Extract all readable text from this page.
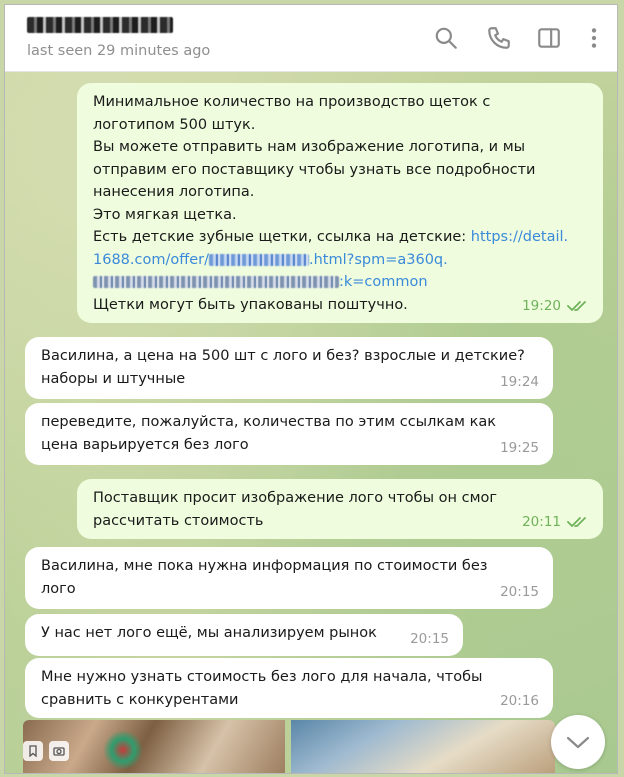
last seen 29 minutes ago
Минимальное количество на производство щеток с
логотипом 500 штук.
Вы можете отправить нам изображение логотипа, и мы
отправим его поставщику чтобы узнать все подробности
нанесения логотипа.
Это мягкая щетка.
Есть детские зубные щетки, ссылка на детские: https://detail.
1688.com/offer/	.html?spm=a360q.
:k=common
Щетки могут быть упакованы поштучно.	19:20
Василина, а цена на 500 шт с лого и без? взрослые и детские?
наборы и штучные	19:24
переведите, пожалуйста, количества по этим ссылкам как
цена варьируется без лого	19:25
Поставщик просит изображение лого чтобы он смог
рассчитать стоимость	20:11
Василина, мне пока нужна информация по стоимости без
лого	20:15
У нас нет лого ещё, мы анализируем рынок	20:15
Мне нужно узнать стоимость без лого для начала, чтобы
сравнить с конкурентами	20:16
